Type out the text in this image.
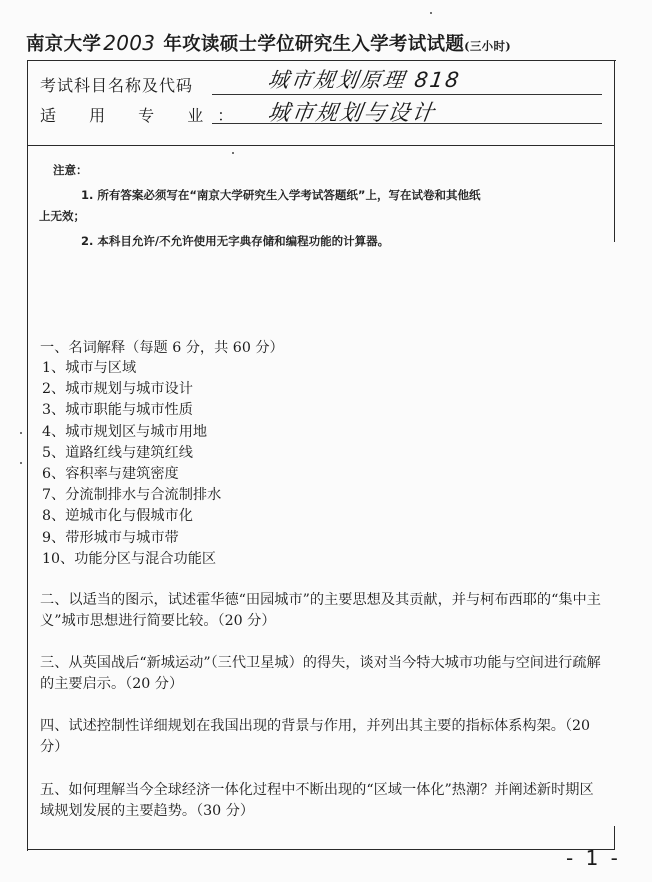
南京大学 2003 年攻读硕士学位研究生入学考试试题(三小时)
考试科目名称及代码	城市规划原理 818
适 用 专 业： 城市规划与设计
注意：
1. 所有答案必须写在“南京大学研究生入学考试答题纸”上，写在试卷和其他纸
上无效；
2. 本科目允许/不允许使用无字典存储和编程功能的计算器。
一、名词解释（每题 6 分，共 60 分）
1、城市与区域
2、城市规划与城市设计
3、城市职能与城市性质
4、城市规划区与城市用地
5、道路红线与建筑红线
6、容积率与建筑密度
7、分流制排水与合流制排水
8、逆城市化与假城市化
9、带形城市与城市带
10、功能分区与混合功能区
二、以适当的图示，试述霍华德“田园城市”的主要思想及其贡献，并与柯布西耶的“集中主义”城市思想进行简要比较。（20 分）
三、从英国战后“新城运动”（三代卫星城）的得失，谈对当今特大城市功能与空间进行疏解的主要启示。（20 分）
四、试述控制性详细规划在我国出现的背景与作用，并列出其主要的指标体系构架。（20 分）
五、如何理解当今全球经济一体化过程中不断出现的“区域一体化”热潮？并阐述新时期区域规划发展的主要趋势。（30 分）
- 1 -
